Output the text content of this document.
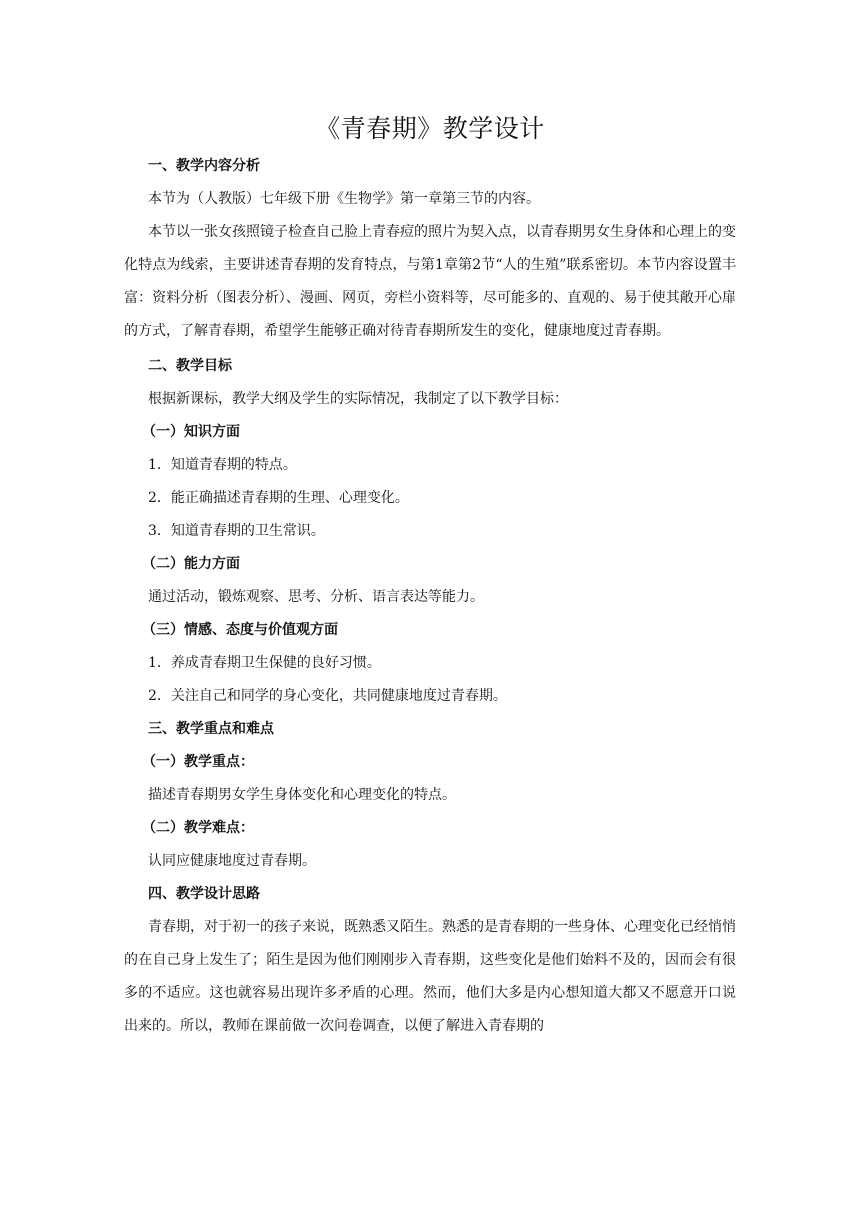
《青春期》教学设计
一、教学内容分析

本节为（人教版）七年级下册《生物学》第一章第三节的内容。

本节以一张女孩照镜子检查自己脸上青春痘的照片为契入点，以青春期男女生身体和心理上的变化特点为线索，主要讲述青春期的发育特点，与第1章第2节“人的生殖”联系密切。本节内容设置丰富：资料分析（图表分析）、漫画、网页，旁栏小资料等，尽可能多的、直观的、易于使其敞开心扉的方式，了解青春期，希望学生能够正确对待青春期所发生的变化，健康地度过青春期。

二、教学目标

根据新课标，教学大纲及学生的实际情况，我制定了以下教学目标：

（一）知识方面
1．知道青春期的特点。
2．能正确描述青春期的生理、心理变化。
3．知道青春期的卫生常识。
（二）能力方面

通过活动，锻炼观察、思考、分析、语言表达等能力。

（三）情感、态度与价值观方面
1．养成青春期卫生保健的良好习惯。
2．关注自己和同学的身心变化，共同健康地度过青春期。
三、教学重点和难点
（一）教学重点：

描述青春期男女学生身体变化和心理变化的特点。

（二）教学难点：

认同应健康地度过青春期。

四、教学设计思路

青春期，对于初一的孩子来说，既熟悉又陌生。熟悉的是青春期的一些身体、心理变化已经悄悄的在自己身上发生了；陌生是因为他们刚刚步入青春期，这些变化是他们始料不及的，因而会有很多的不适应。这也就容易出现许多矛盾的心理。然而，他们大多是内心想知道大都又不愿意开口说出来的。所以，教师在课前做一次问卷调查，以便了解进入青春期的
